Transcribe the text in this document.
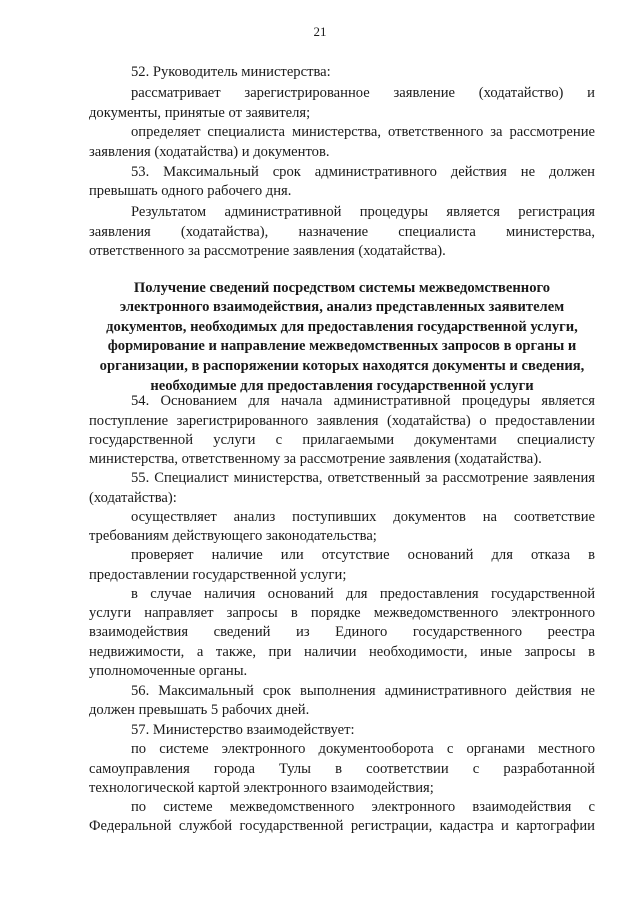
21
52. Руководитель министерства:
рассматривает зарегистрированное заявление (ходатайство) и
документы, принятые от заявителя;
определяет специалиста министерства, ответственного за рассмотрение
заявления (ходатайства) и документов.
53. Максимальный срок административного действия не должен
превышать одного рабочего дня.
Результатом административной процедуры является регистрация
заявления (ходатайства), назначение специалиста министерства,
ответственного за рассмотрение заявления (ходатайства).
Получение сведений посредством системы межведомственного
электронного взаимодействия, анализ представленных заявителем
документов, необходимых для предоставления государственной услуги,
формирование и направление межведомственных запросов в органы и
организации, в распоряжении которых находятся документы и сведения,
необходимые для предоставления государственной услуги
54. Основанием для начала административной процедуры является
поступление зарегистрированного заявления (ходатайства) о предоставлении
государственной услуги с прилагаемыми документами специалисту
министерства, ответственному за рассмотрение заявления (ходатайства).
55. Специалист министерства, ответственный за рассмотрение заявления
(ходатайства):
осуществляет анализ поступивших документов на соответствие
требованиям действующего законодательства;
проверяет наличие или отсутствие оснований для отказа в
предоставлении государственной услуги;
в случае наличия оснований для предоставления государственной
услуги направляет запросы в порядке межведомственного электронного
взаимодействия сведений из Единого государственного реестра
недвижимости, а также, при наличии необходимости, иные запросы в
уполномоченные органы.
56. Максимальный срок выполнения административного действия не
должен превышать 5 рабочих дней.
57. Министерство взаимодействует:
по системе электронного документооборота с органами местного
самоуправления города Тулы в соответствии с разработанной
технологической картой электронного взаимодействия;
по системе межведомственного электронного взаимодействия с
Федеральной службой государственной регистрации, кадастра и картографии
